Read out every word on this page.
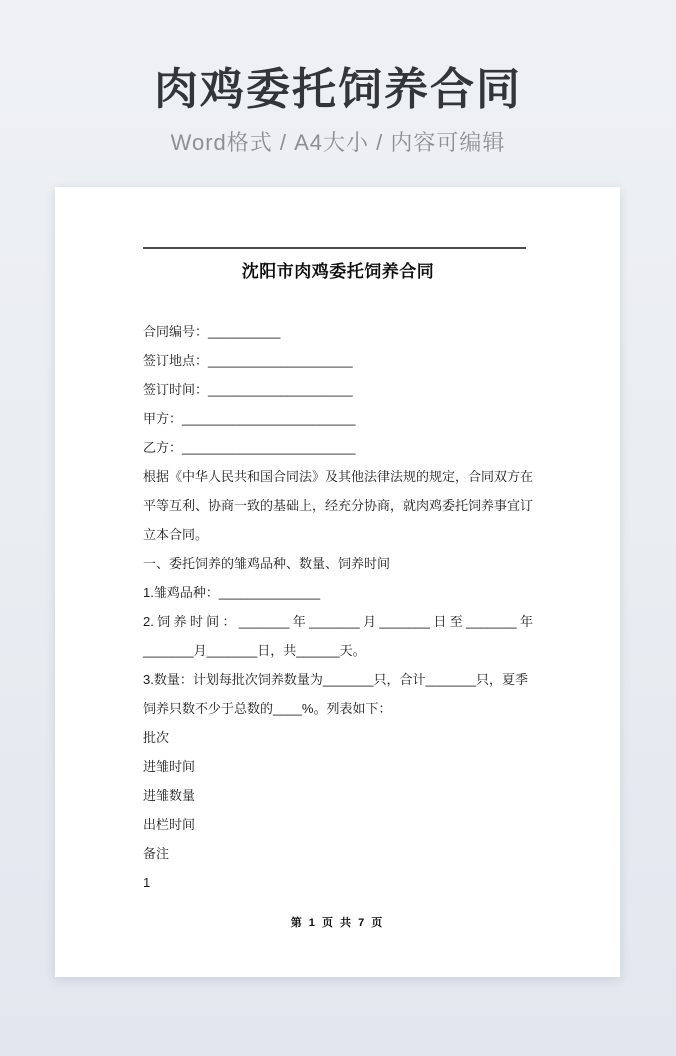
肉鸡委托饲养合同
Word格式 / A4大小 / 内容可编辑
沈阳市肉鸡委托饲养合同
合同编号：__________
签订地点：____________________
签订时间：____________________
甲方：________________________
乙方：________________________
根据《中华人民共和国合同法》及其他法律法规的规定，合同双方在
平等互利、协商一致的基础上，经充分协商，就肉鸡委托饲养事宜订
立本合同。
一、委托饲养的雏鸡品种、数量、饲养时间
1.雏鸡品种：______________
2.饲养时间：_______年_______月_______日至_______年
_______月_______日，共______天。
3.数量：计划每批次饲养数量为_______只，合计_______只，夏季
饲养只数不少于总数的____%。列表如下：
批次
进雏时间
进雏数量
出栏时间
备注
1
第 1 页 共 7 页
